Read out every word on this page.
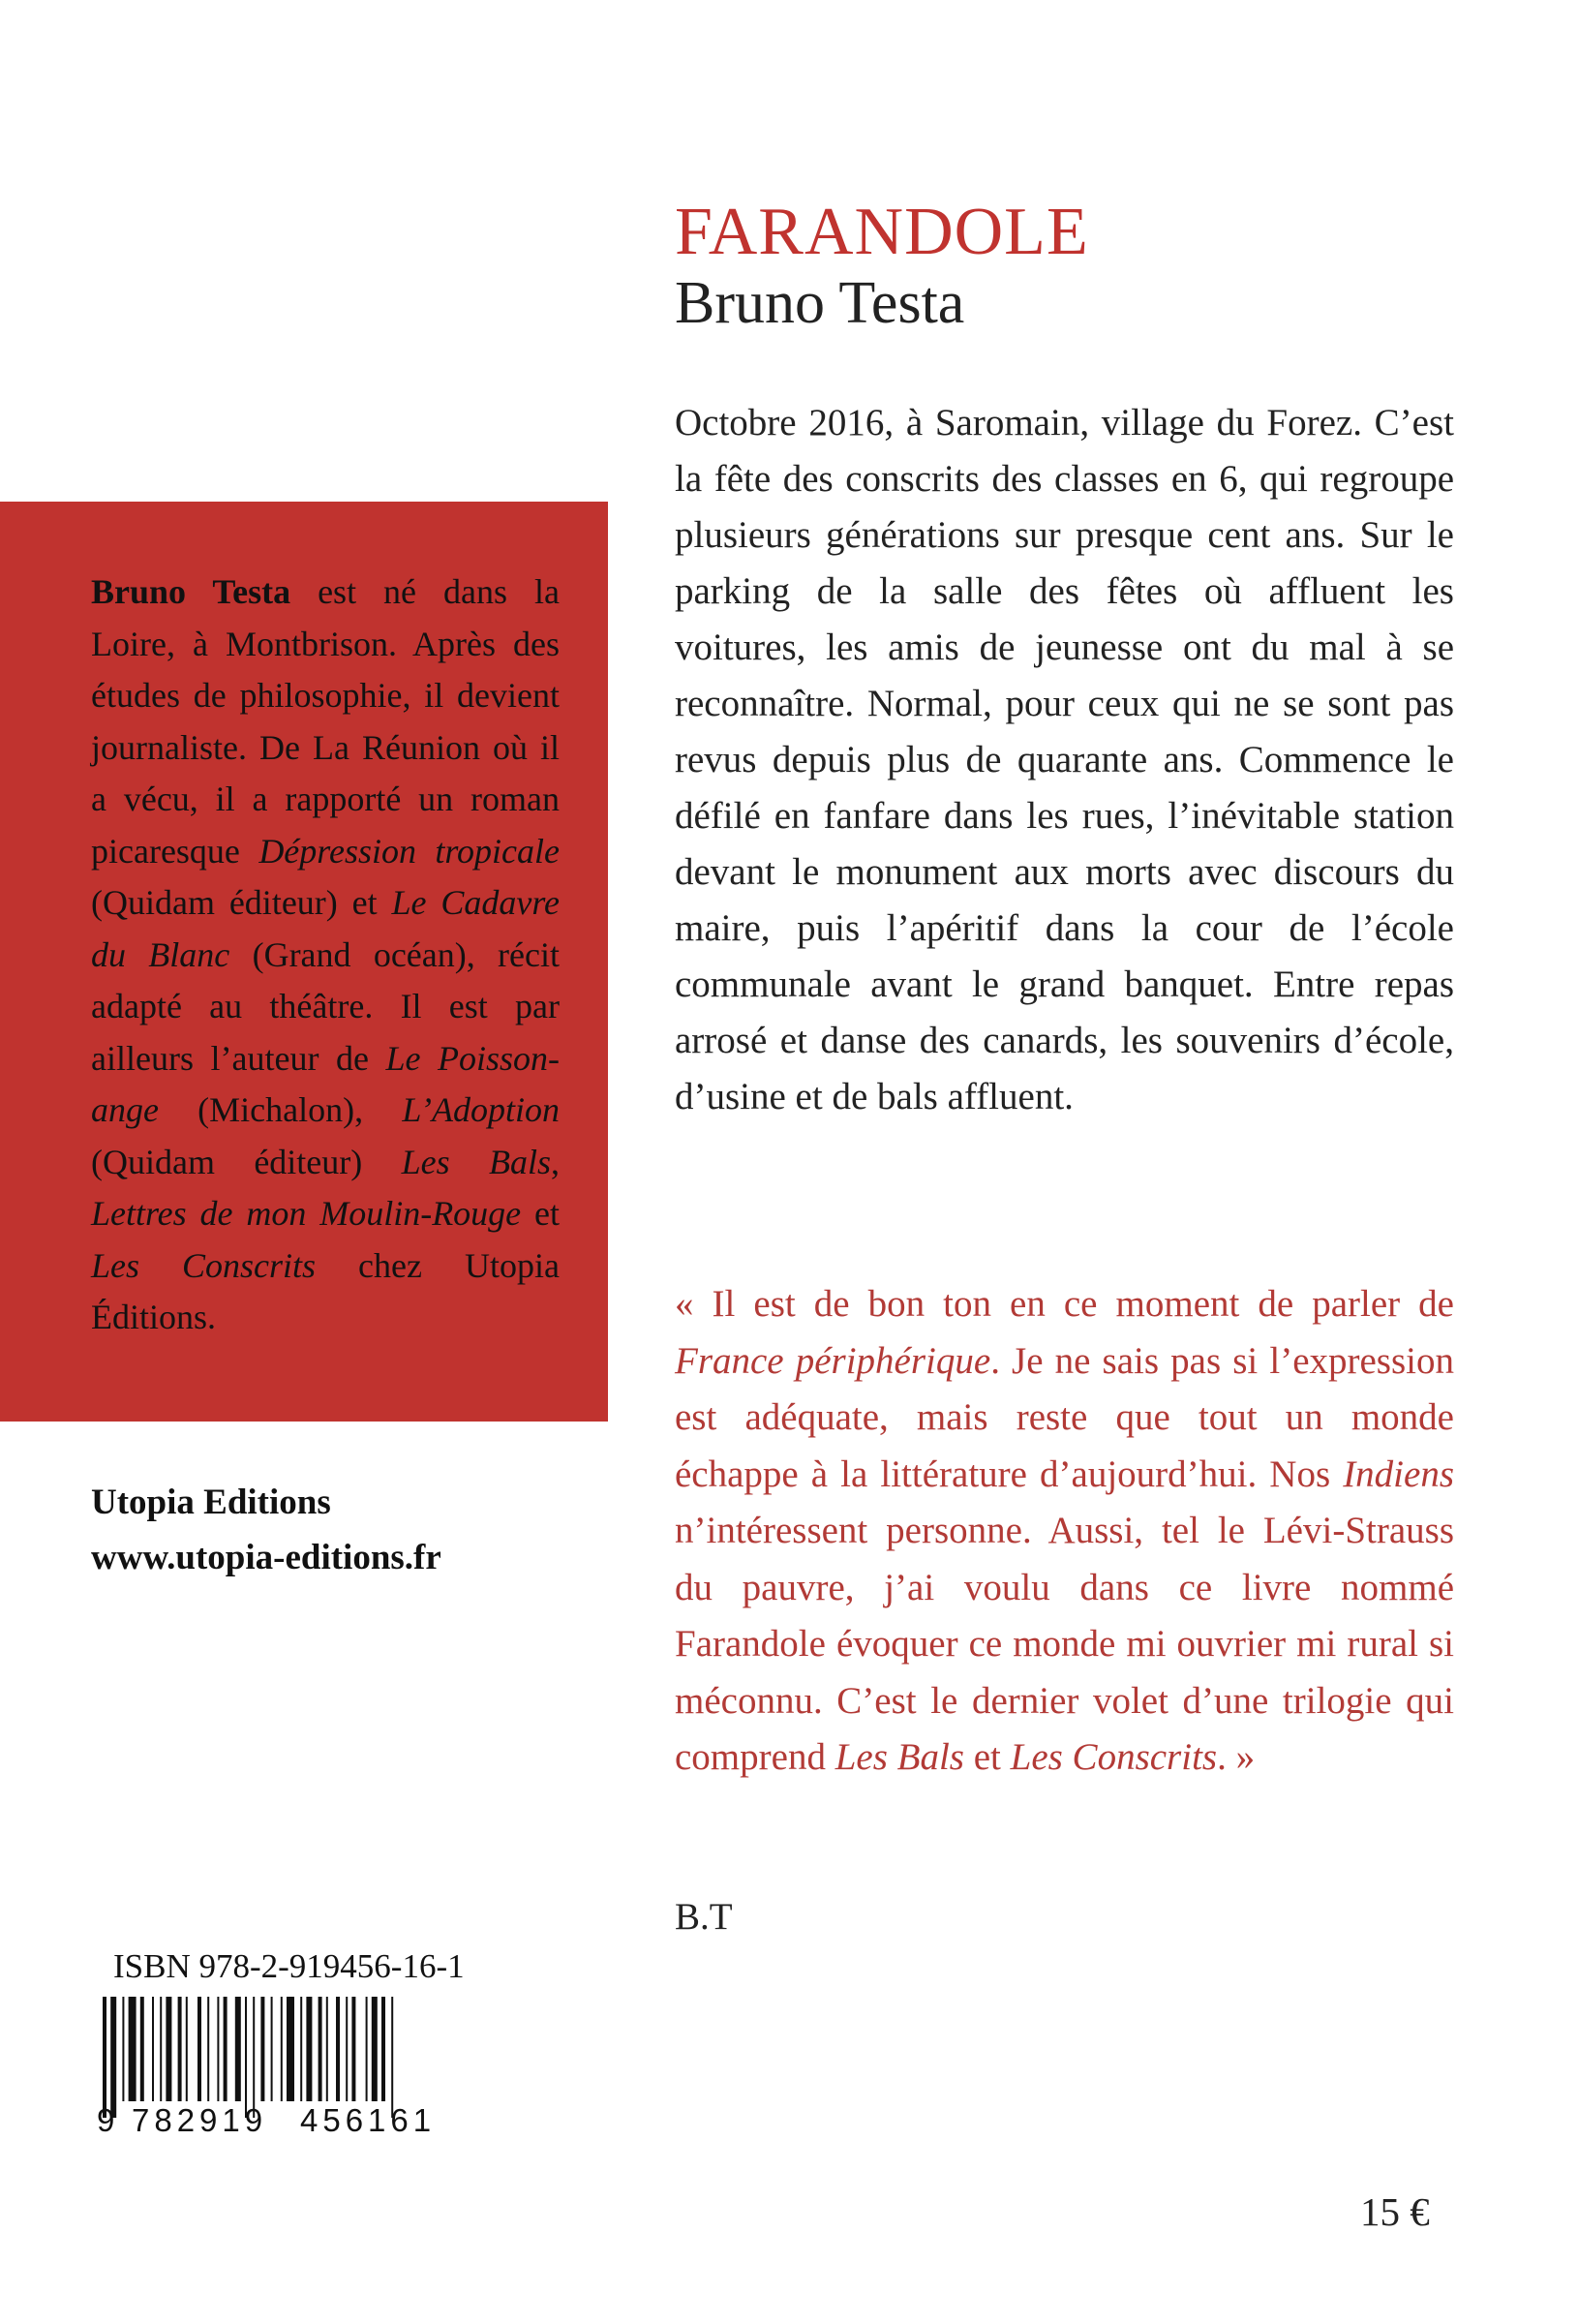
FARANDOLE
Bruno Testa

Octobre 2016, à Saromain, village du Forez. C’est la fête des conscrits des classes en 6, qui regroupe plusieurs générations sur presque cent ans. Sur le parking de la salle des fêtes où affluent les voitures, les amis de jeunesse ont du mal à se reconnaître. Normal, pour ceux qui ne se sont pas revus depuis plus de quarante ans. Commence le défilé en fanfare dans les rues, l’inévitable station devant le monument aux morts avec discours du maire, puis l’apéritif dans la cour de l’école communale avant le grand banquet. Entre repas arrosé et danse des canards, les souvenirs d’école, d’usine et de bals affluent.

« Il est de bon ton en ce moment de parler de France périphérique. Je ne sais pas si l’expression est adéquate, mais reste que tout un monde échappe à la littérature d’aujourd’hui. Nos Indiens n’intéressent personne. Aussi, tel le Lévi-Strauss du pauvre, j’ai voulu dans ce livre nommé Farandole évoquer ce monde mi ouvrier mi rural si méconnu. C’est le dernier volet d’une trilogie qui comprend Les Bals et Les Conscrits. »

B.T
15 €

Bruno Testa est né dans la Loire, à Montbrison. Après des études de philosophie, il devient journaliste. De La Réunion où il a vécu, il a rapporté un roman picaresque Dépression tropicale (Quidam éditeur) et Le Cadavre du Blanc (Grand océan), récit adapté au théâtre. Il est par ailleurs l’auteur de Le Poisson-ange (Michalon), L’Adoption (Quidam éditeur) Les Bals, Lettres de mon Moulin-Rouge et Les Conscrits chez Utopia Éditions.

Utopia Editions
www.utopia-editions.fr
ISBN 978-2-919456-16-1
9 782919 456161
